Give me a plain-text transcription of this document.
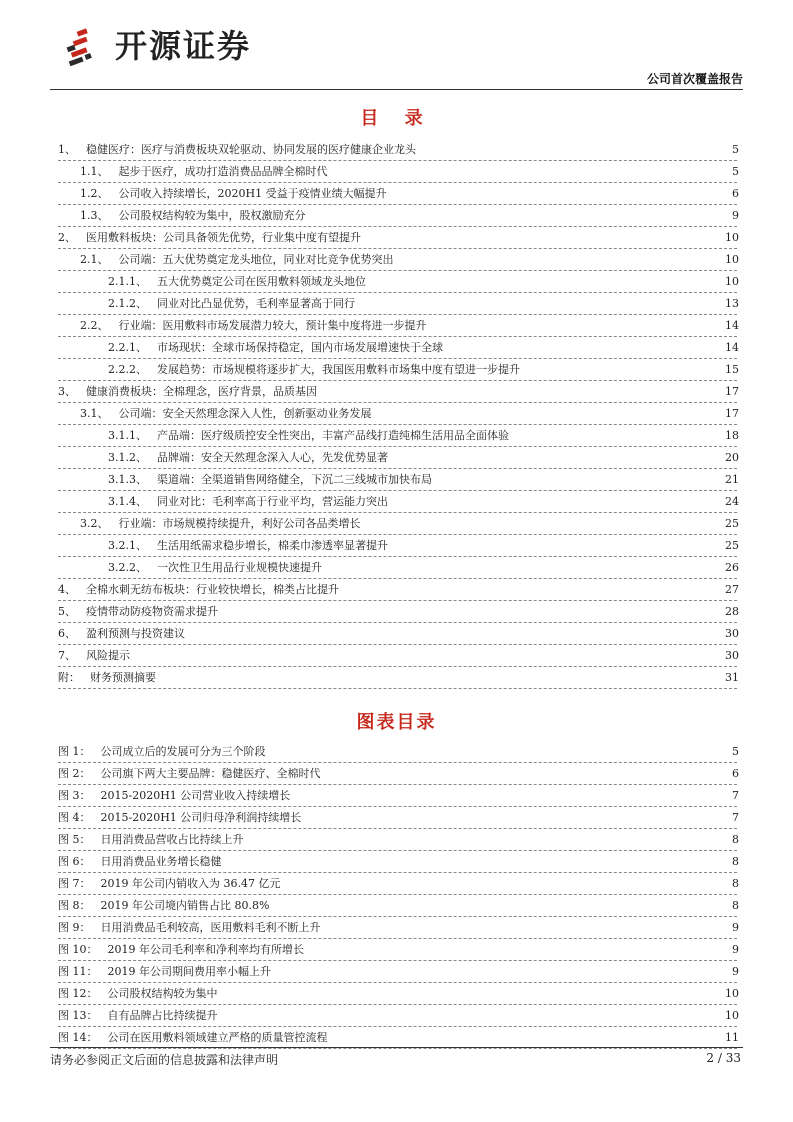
开源证券
公司首次覆盖报告
目 录
1、 稳健医疗：医疗与消费板块双轮驱动、协同发展的医疗健康企业龙头	5
1.1、 起步于医疗，成功打造消费品品牌全棉时代	5
1.2、 公司收入持续增长，2020H1 受益于疫情业绩大幅提升	6
1.3、 公司股权结构较为集中，股权激励充分	9
2、 医用敷料板块：公司具备领先优势，行业集中度有望提升	10
2.1、 公司端：五大优势奠定龙头地位，同业对比竞争优势突出	10
2.1.1、 五大优势奠定公司在医用敷料领域龙头地位	10
2.1.2、 同业对比凸显优势，毛利率显著高于同行	13
2.2、 行业端：医用敷料市场发展潜力较大，预计集中度将进一步提升	14
2.2.1、 市场现状：全球市场保持稳定，国内市场发展增速快于全球	14
2.2.2、 发展趋势：市场规模将逐步扩大，我国医用敷料市场集中度有望进一步提升	15
3、 健康消费板块：全棉理念，医疗背景，品质基因	17
3.1、 公司端：安全天然理念深入人性，创新驱动业务发展	17
3.1.1、 产品端：医疗级质控安全性突出，丰富产品线打造纯棉生活用品全面体验	18
3.1.2、 品牌端：安全天然理念深入人心，先发优势显著	20
3.1.3、 渠道端：全渠道销售网络健全，下沉二三线城市加快布局	21
3.1.4、 同业对比：毛利率高于行业平均，营运能力突出	24
3.2、 行业端：市场规模持续提升，利好公司各品类增长	25
3.2.1、 生活用纸需求稳步增长，棉柔巾渗透率显著提升	25
3.2.2、 一次性卫生用品行业规模快速提升	26
4、 全棉水刺无纺布板块：行业较快增长，棉类占比提升	27
5、 疫情带动防疫物资需求提升	28
6、 盈利预测与投资建议	30
7、 风险提示	30
附： 财务预测摘要	31
图表目录
图 1： 公司成立后的发展可分为三个阶段	5
图 2： 公司旗下两大主要品牌：稳健医疗、全棉时代	6
图 3： 2015-2020H1 公司营业收入持续增长	7
图 4： 2015-2020H1 公司归母净利润持续增长	7
图 5： 日用消费品营收占比持续上升	8
图 6： 日用消费品业务增长稳健	8
图 7： 2019 年公司内销收入为 36.47 亿元	8
图 8： 2019 年公司境内销售占比 80.8%	8
图 9： 日用消费品毛利较高，医用敷料毛利不断上升	9
图 10： 2019 年公司毛利率和净利率均有所增长	9
图 11： 2019 年公司期间费用率小幅上升	9
图 12： 公司股权结构较为集中	10
图 13： 自有品牌占比持续提升	10
图 14： 公司在医用敷料领域建立严格的质量管控流程	11
请务必参阅正文后面的信息披露和法律声明	2 / 33
